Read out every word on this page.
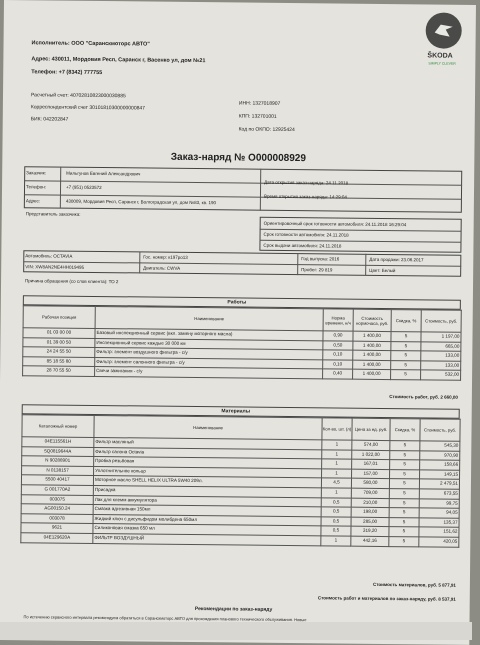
ŠKODA
SIMPLY CLEVER
Исполнитель: ООО "Саранскмоторс АВТО"
Адрес: 430011, Мордовия Респ, Саранск г, Васенко ул, дом №21
Телефон: +7 (8342) 777755
Расчетный счет: 40702810823000030885
Корреспондентский счет 30101810300000000847
БИК: 042202847
ИНН: 1327018907
КПП: 132701001
Код по ОКПО: 12925424
Заказ-наряд № O000008929
Заказчик:	Мильгунов Евгений Александрович
Телефон:	+7 (951) 0523572
Адрес:	430009, Мордовия Респ, Саранск г, Волгоградская ул, дом №83, кв. 190
Дата открытия заказ-наряда: 24.11.2018
Время открытия заказ-наряда: 14:29:04
Представитель заказчика:
Ориентировочный срок готовности автомобиля: 24.11.2018 16:29:04
Срок готовности автомобиля: 24.11.2018
Срок выдачи автомобиля: 24.11.2018
Автомобиль: OCTAVIA	Гос. номер: к197ро13	Год выпуска: 2016	Дата продажи: 23.06.2017
VIN: XW8AN2NE4HH019495	Двигатель: CWVA	Пробег: 29 819	Цвет: Белый
Причина обращения (со слов клиента): ТО 2
Работы
Рабочая позиция	Наименование	Норма времени, н/ч	Стоимость нормочаса, руб.	Скидка, %	Стоимость, руб.
01 03 00 00	Базовый инспекционный сервис (вкл. замену моторного масла)	0,90	1 400,00	5	1 197,00
01 39 00 50	Инспекционный сервис каждые 30 000 км	0,50	1 400,00	5	665,00
24 24 55 50	Фильтр: элемент воздушного фильтра - с/у	0,10	1 400,00	5	133,00
85 18 55 80	Фильтр: элемент салонного фильтра - с/у	0,10	1 400,00	5	133,00
28 70 55 50	Свечи зажигания - с/у	0,40	1 400,00	5	532,00
Стоимость работ, руб. 2 660,00
Материалы
Каталожный номер	Наименование	Кол-во, шт. (л)	Цена за ед. руб.	Скидка, %	Стоимость, руб.
04E115561H	Фильтр масляный	1	574,00	5	545,30
5Q0819644A	Фильтр салона Octavia	1	1 022,00	5	970,90
N 90288901	Пробка резьбовая	1	167,01	5	158,66
N 0138157	Уплотнительное кольцо	1	157,00	5	149,15
5500 40417	Моторное масло SHELL HELIX ULTRA 5W40 209л.	4,5	580,00	5	2 479,51
G 001770A2	Присадка	1	709,00	5	673,55
003075	Лак для клемм аккумулятора	0,5	210,00	5	99,75
AG00150.24	Смазка адгезивная 150мл	0,5	198,00	5	94,05
003078	Жидкий ключ с дисульфидом молибдена 650мл	0,5	285,00	5	135,37
9621	Силиконовая смазка 650 мл	0,5	319,20	5	151,62
04E129620A	ФИЛЬТР ВОЗДУШНЫЙ	1	442,16	5	420,05
Стоимость материалов, руб. 5 877,91
Стоимость работ и материалов по заказ-наряду, руб. 8 537,91
Рекомендации по заказ-наряду
По истечению сервисного интервала рекомендуем обратиться в Саранскмоторс АВТО для прохождения планового технического обслуживания. Новые
